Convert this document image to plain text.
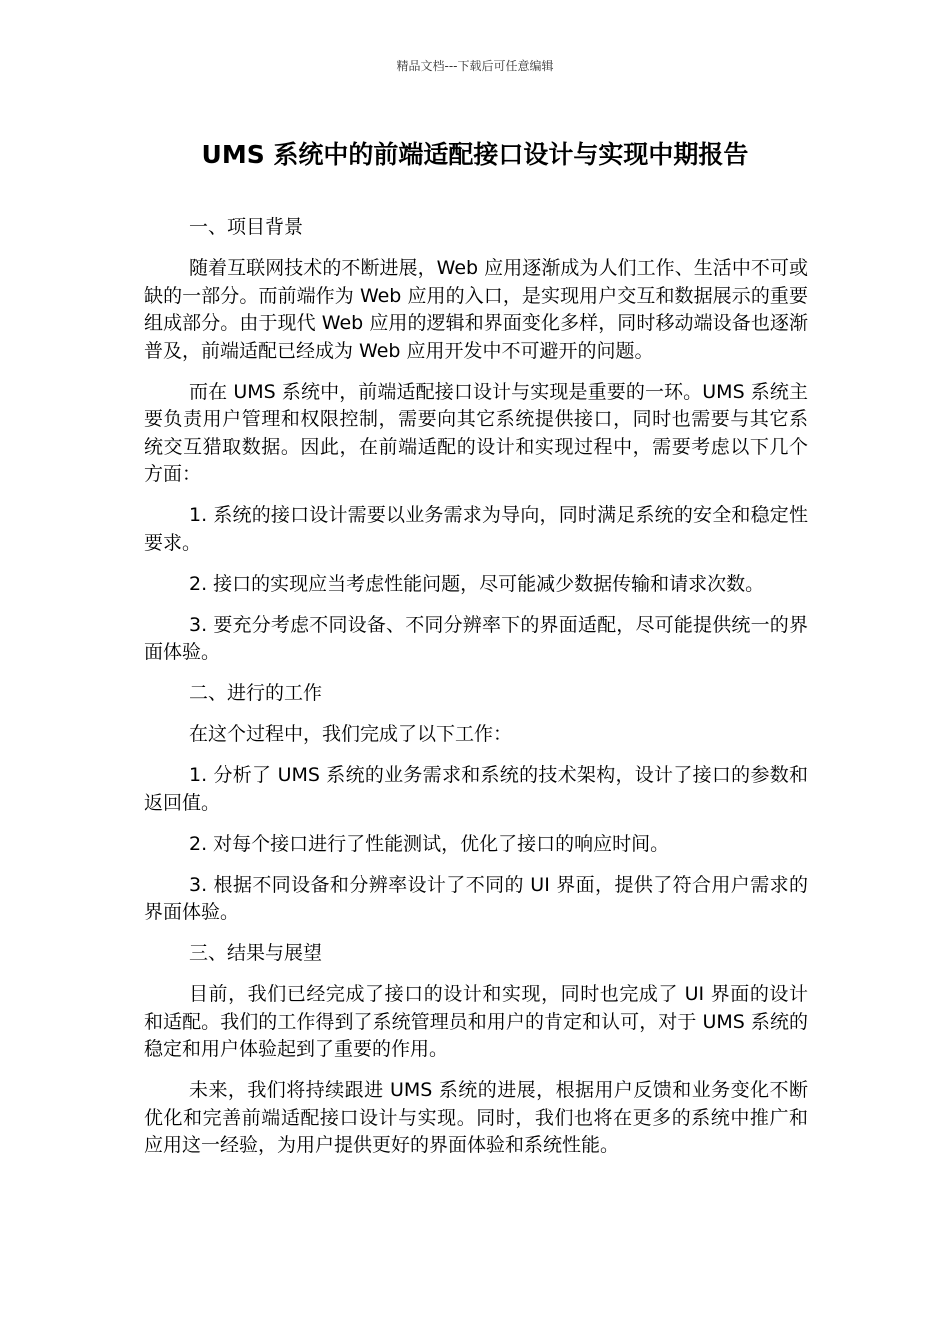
精品文档---下载后可任意编辑
UMS 系统中的前端适配接口设计与实现中期报告

一、项目背景

随着互联网技术的不断进展，Web 应用逐渐成为人们工作、生活中不可或缺的一部分。而前端作为 Web 应用的入口，是实现用户交互和数据展示的重要组成部分。由于现代 Web 应用的逻辑和界面变化多样，同时移动端设备也逐渐普及，前端适配已经成为 Web 应用开发中不可避开的问题。

而在 UMS 系统中，前端适配接口设计与实现是重要的一环。UMS 系统主要负责用户管理和权限控制，需要向其它系统提供接口，同时也需要与其它系统交互猎取数据。因此，在前端适配的设计和实现过程中，需要考虑以下几个方面：

1. 系统的接口设计需要以业务需求为导向，同时满足系统的安全和稳定性要求。

2. 接口的实现应当考虑性能问题，尽可能减少数据传输和请求次数。

3. 要充分考虑不同设备、不同分辨率下的界面适配，尽可能提供统一的界面体验。

二、进行的工作

在这个过程中，我们完成了以下工作：

1. 分析了 UMS 系统的业务需求和系统的技术架构，设计了接口的参数和返回值。

2. 对每个接口进行了性能测试，优化了接口的响应时间。

3. 根据不同设备和分辨率设计了不同的 UI 界面，提供了符合用户需求的界面体验。

三、结果与展望

目前，我们已经完成了接口的设计和实现，同时也完成了 UI 界面的设计和适配。我们的工作得到了系统管理员和用户的肯定和认可，对于 UMS 系统的稳定和用户体验起到了重要的作用。

未来，我们将持续跟进 UMS 系统的进展，根据用户反馈和业务变化不断优化和完善前端适配接口设计与实现。同时，我们也将在更多的系统中推广和应用这一经验，为用户提供更好的界面体验和系统性能。
